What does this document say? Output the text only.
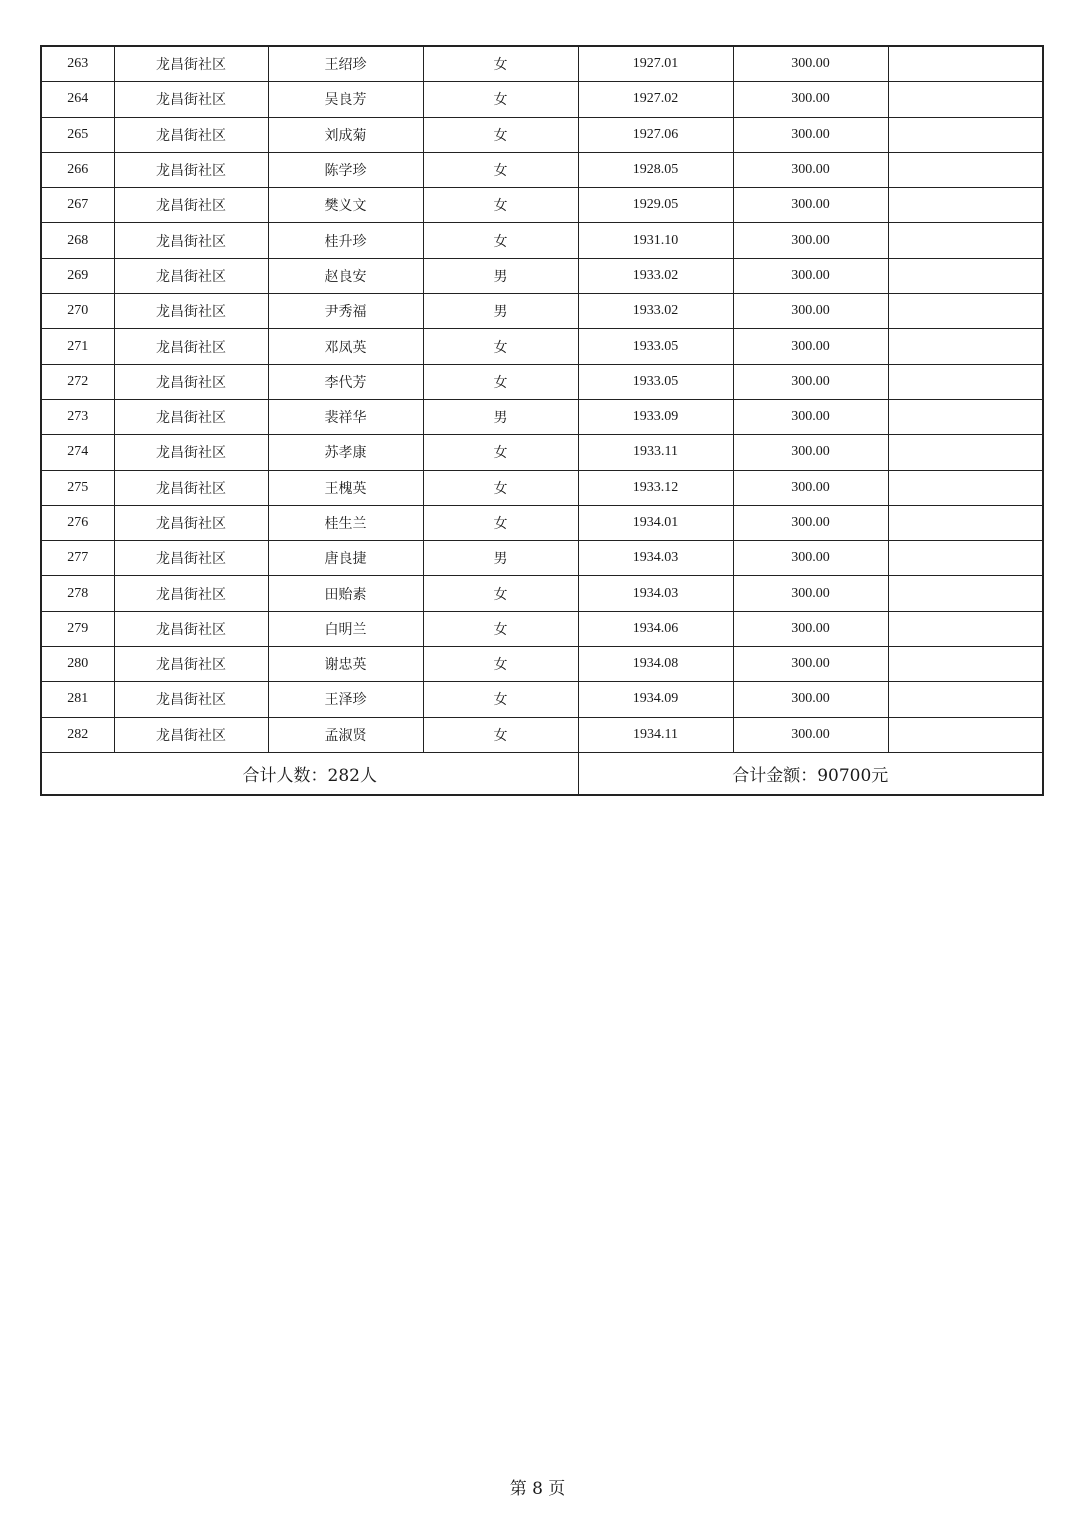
263	龙昌街社区	王绍珍	女	1927.01	300.00	
264	龙昌街社区	吴良芳	女	1927.02	300.00	
265	龙昌街社区	刘成菊	女	1927.06	300.00	
266	龙昌街社区	陈学珍	女	1928.05	300.00	
267	龙昌街社区	樊义文	女	1929.05	300.00	
268	龙昌街社区	桂升珍	女	1931.10	300.00	
269	龙昌街社区	赵良安	男	1933.02	300.00	
270	龙昌街社区	尹秀福	男	1933.02	300.00	
271	龙昌街社区	邓凤英	女	1933.05	300.00	
272	龙昌街社区	李代芳	女	1933.05	300.00	
273	龙昌街社区	裴祥华	男	1933.09	300.00	
274	龙昌街社区	苏孝康	女	1933.11	300.00	
275	龙昌街社区	王槐英	女	1933.12	300.00	
276	龙昌街社区	桂生兰	女	1934.01	300.00	
277	龙昌街社区	唐良捷	男	1934.03	300.00	
278	龙昌街社区	田贻素	女	1934.03	300.00	
279	龙昌街社区	白明兰	女	1934.06	300.00	
280	龙昌街社区	谢忠英	女	1934.08	300.00	
281	龙昌街社区	王泽珍	女	1934.09	300.00	
282	龙昌街社区	孟淑贤	女	1934.11	300.00	
合计人数：282人				合计金额：90700元		
第 8 页
